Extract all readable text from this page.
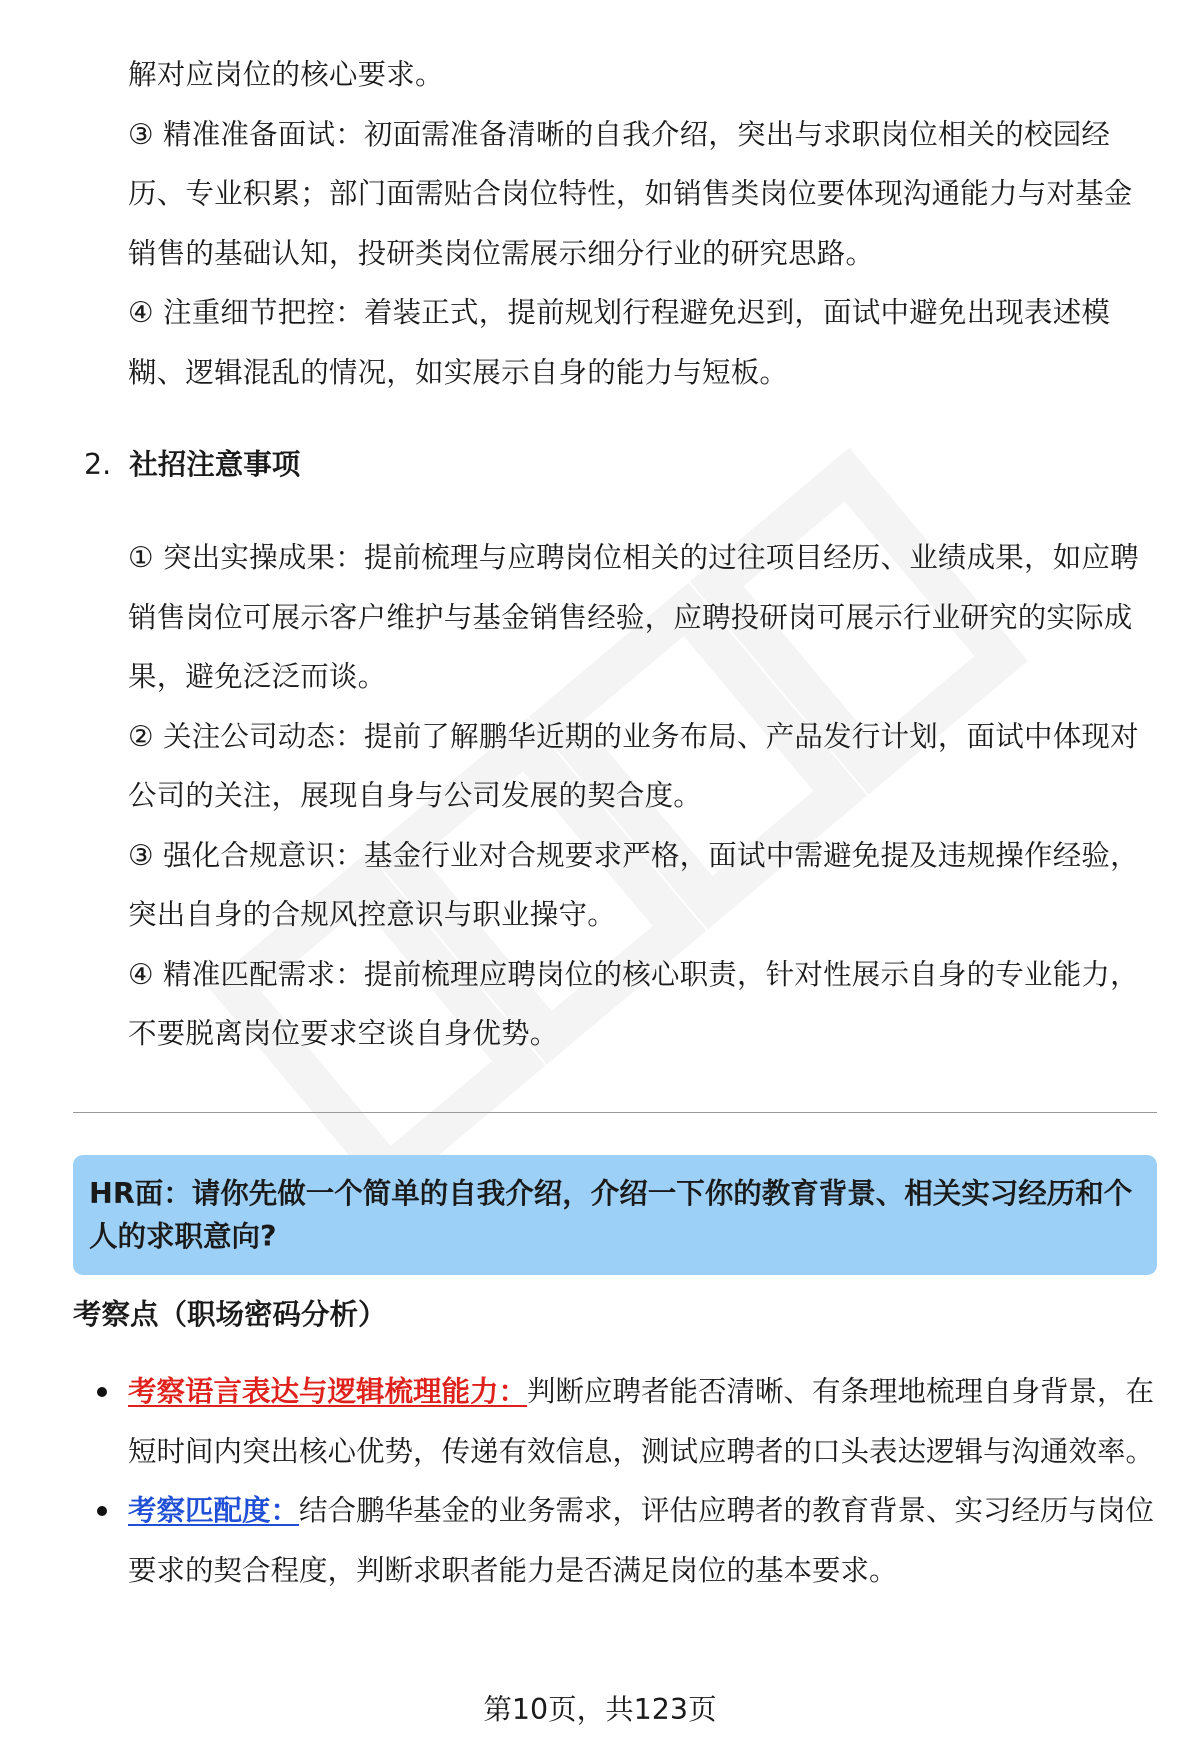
解对应岗位的核心要求。

③ 精准准备面试：初面需准备清晰的自我介绍，突出与求职岗位相关的校园经历、专业积累；部门面需贴合岗位特性，如销售类岗位要体现沟通能力与对基金销售的基础认知，投研类岗位需展示细分行业的研究思路。

④ 注重细节把控：着装正式，提前规划行程避免迟到，面试中避免出现表述模糊、逻辑混乱的情况，如实展示自身的能力与短板。

2. 社招注意事项

① 突出实操成果：提前梳理与应聘岗位相关的过往项目经历、业绩成果，如应聘销售岗位可展示客户维护与基金销售经验，应聘投研岗可展示行业研究的实际成果，避免泛泛而谈。

② 关注公司动态：提前了解鹏华近期的业务布局、产品发行计划，面试中体现对公司的关注，展现自身与公司发展的契合度。

③ 强化合规意识：基金行业对合规要求严格，面试中需避免提及违规操作经验，突出自身的合规风控意识与职业操守。

④ 精准匹配需求：提前梳理应聘岗位的核心职责，针对性展示自身的专业能力，不要脱离岗位要求空谈自身优势。

HR面：请你先做一个简单的自我介绍，介绍一下你的教育背景、相关实习经历和个人的求职意向?
考察点（职场密码分析）

考察语言表达与逻辑梳理能力：判断应聘者能否清晰、有条理地梳理自身背景，在短时间内突出核心优势，传递有效信息，测试应聘者的口头表达逻辑与沟通效率。

考察匹配度：结合鹏华基金的业务需求，评估应聘者的教育背景、实习经历与岗位要求的契合程度，判断求职者能力是否满足岗位的基本要求。

第10页，共123页
